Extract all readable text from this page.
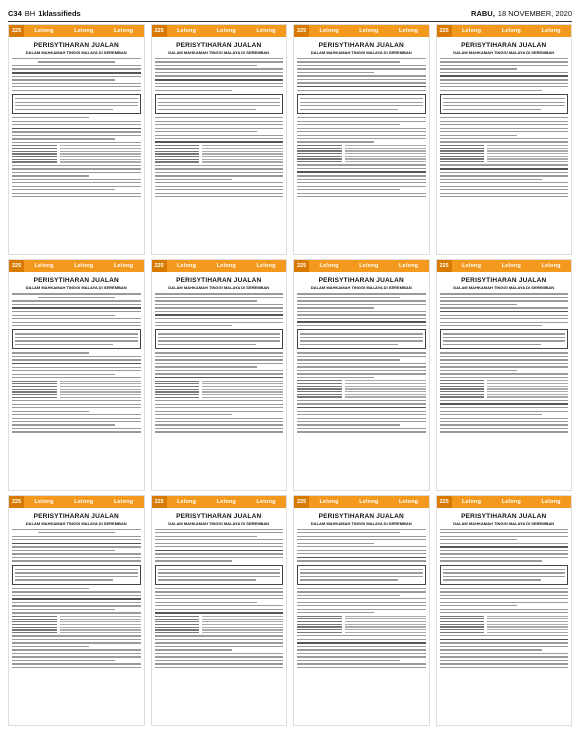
C34 BH 1klassifieds	RABU, 18 NOVEMBER, 2020
225	Lelong	Lelong	Lelong
PERISYTIHARAN JUALAN
DALAM MAHKAMAH TINGGI MALAYA DI SEREMBAN
225	Lelong	Lelong	Lelong
PERISYTIHARAN JUALAN
DALAM MAHKAMAH TINGGI MALAYA DI SEREMBAN
225	Lelong	Lelong	Lelong
PERISYTIHARAN JUALAN
DALAM MAHKAMAH TINGGI MALAYA DI SEREMBAN
225	Lelong	Lelong	Lelong
PERISYTIHARAN JUALAN
DALAM MAHKAMAH TINGGI MALAYA DI SEREMBAN
225	Lelong	Lelong	Lelong
PERISYTIHARAN JUALAN
DALAM MAHKAMAH TINGGI MALAYA DI SEREMBAN
225	Lelong	Lelong	Lelong
PERISYTIHARAN JUALAN
DALAM MAHKAMAH TINGGI MALAYA DI SEREMBAN
225	Lelong	Lelong	Lelong
PERISYTIHARAN JUALAN
DALAM MAHKAMAH TINGGI MALAYA DI SEREMBAN
225	Lelong	Lelong	Lelong
PERISYTIHARAN JUALAN
DALAM MAHKAMAH TINGGI MALAYA DI SEREMBAN
225	Lelong	Lelong	Lelong
PERISYTIHARAN JUALAN
DALAM MAHKAMAH TINGGI MALAYA DI SEREMBAN
225	Lelong	Lelong	Lelong
PERISYTIHARAN JUALAN
DALAM MAHKAMAH TINGGI MALAYA DI SEREMBAN
225	Lelong	Lelong	Lelong
PERISYTIHARAN JUALAN
DALAM MAHKAMAH TINGGI MALAYA DI SEREMBAN
225	Lelong	Lelong	Lelong
PERISYTIHARAN JUALAN
DALAM MAHKAMAH TINGGI MALAYA DI SEREMBAN
